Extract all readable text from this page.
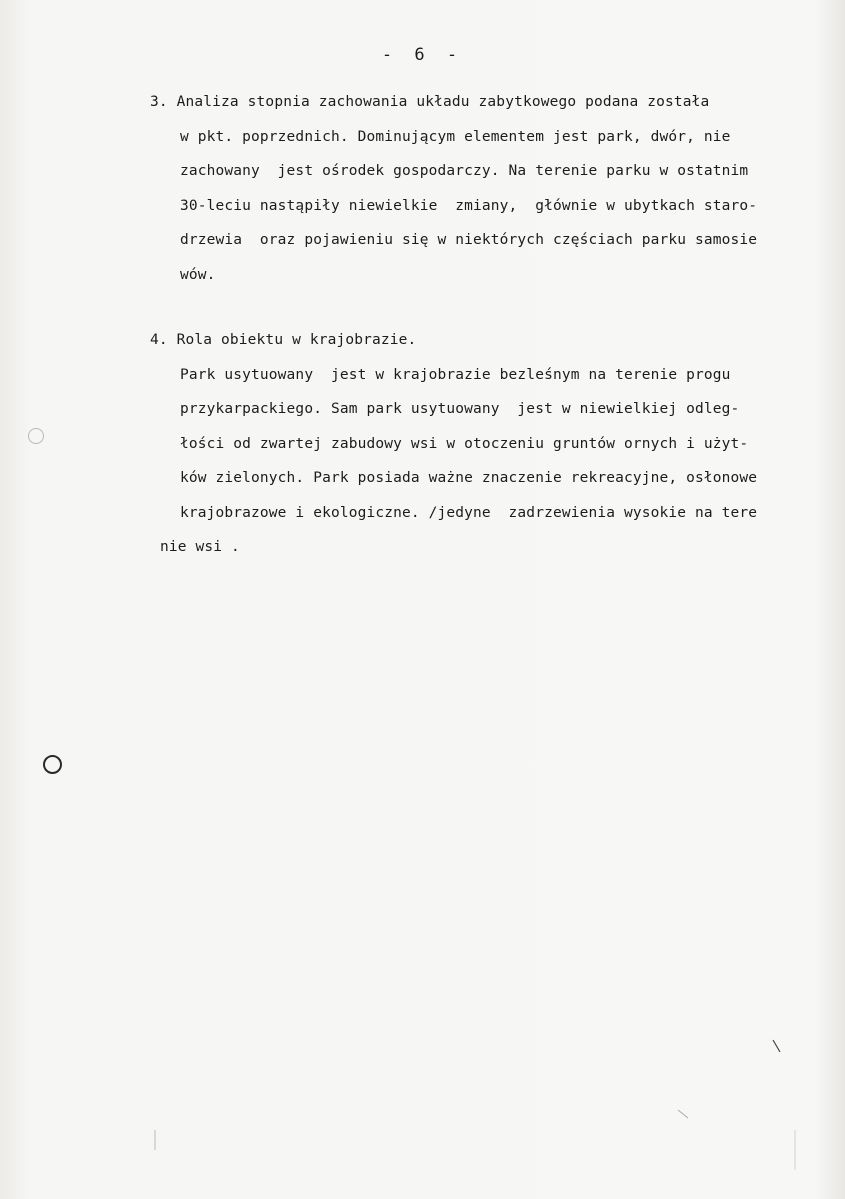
- 6 -
3. Analiza stopnia zachowania układu zabytkowego podana została
w pkt. poprzednich. Dominującym elementem jest park, dwór, nie
zachowany  jest ośrodek gospodarczy. Na terenie parku w ostatnim
30-leciu nastąpiły niewielkie  zmiany,  głównie w ubytkach staro-
drzewia  oraz pojawieniu się w niektórych częściach parku samosie
wów.
4. Rola obiektu w krajobrazie.
Park usytuowany  jest w krajobrazie bezleśnym na terenie progu
przykarpackiego. Sam park usytuowany  jest w niewielkiej odleg-
łości od zwartej zabudowy wsi w otoczeniu gruntów ornych i użyt-
ków zielonych. Park posiada ważne znaczenie rekreacyjne, osłonowe
krajobrazowe i ekologiczne. /jedyne  zadrzewienia wysokie na tere
nie wsi .
